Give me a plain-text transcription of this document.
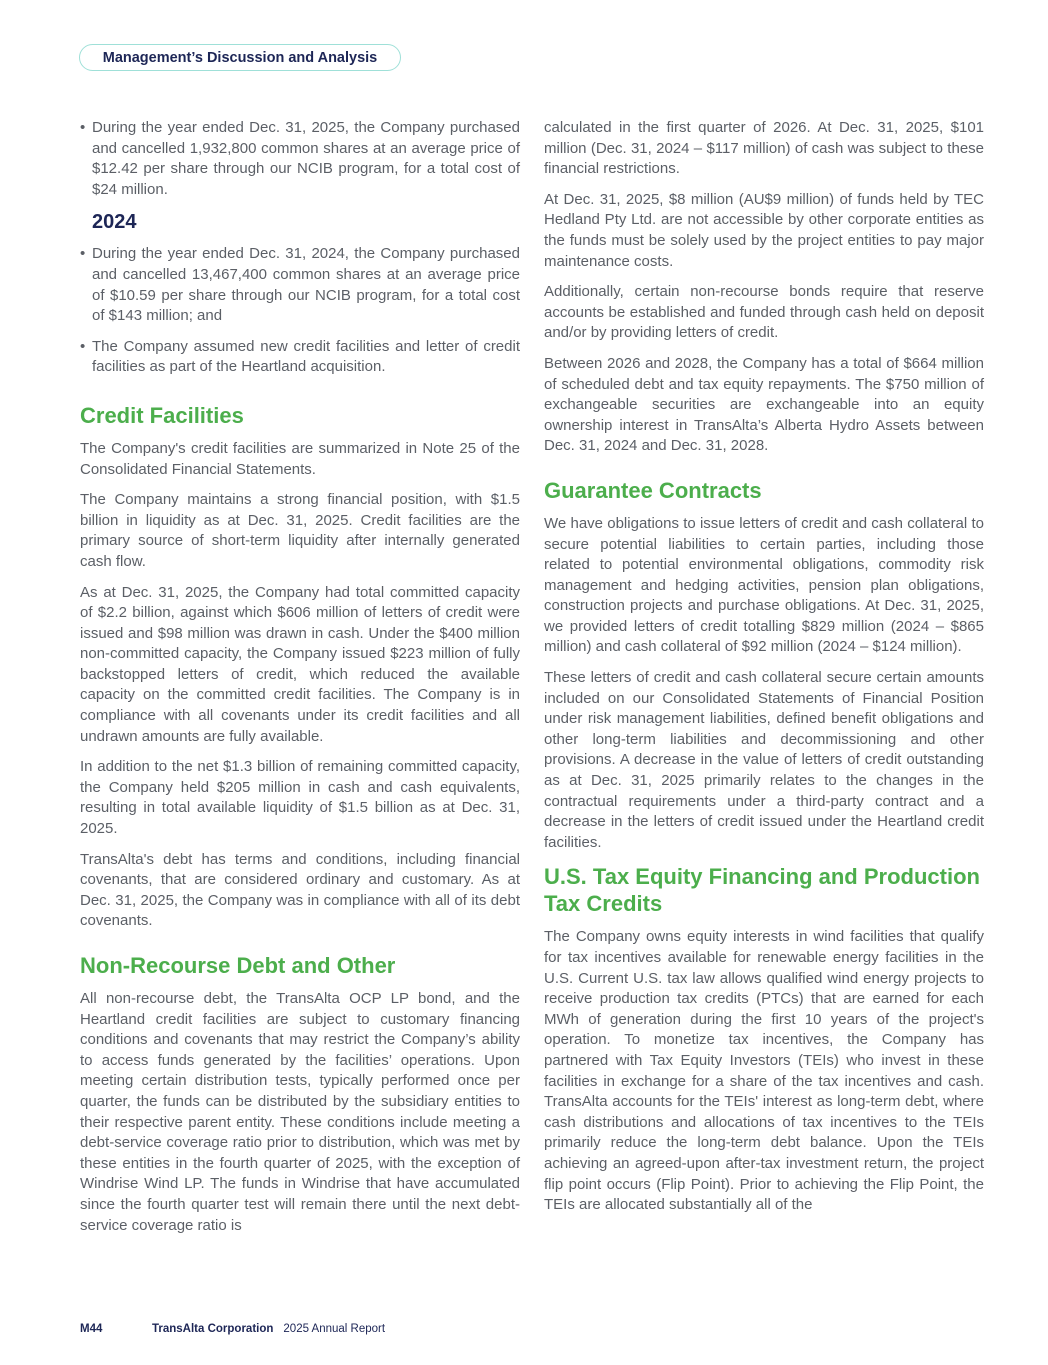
Management’s Discussion and Analysis

• During the year ended Dec. 31, 2025, the Company purchased and cancelled 1,932,800 common shares at an average price of $12.42 per share through our NCIB program, for a total cost of $24 million.

2024

• During the year ended Dec. 31, 2024, the Company purchased and cancelled 13,467,400 common shares at an average price of $10.59 per share through our NCIB program, for a total cost of $143 million; and

• The Company assumed new credit facilities and letter of credit facilities as part of the Heartland acquisition.

Credit Facilities

The Company's credit facilities are summarized in Note 25 of the Consolidated Financial Statements.

The Company maintains a strong financial position, with $1.5 billion in liquidity as at Dec. 31, 2025. Credit facilities are the primary source of short-term liquidity after internally generated cash flow.

As at Dec. 31, 2025, the Company had total committed capacity of $2.2 billion, against which $606 million of letters of credit were issued and $98 million was drawn in cash. Under the $400 million non-committed capacity, the Company issued $223 million of fully backstopped letters of credit, which reduced the available capacity on the committed credit facilities. The Company is in compliance with all covenants under its credit facilities and all undrawn amounts are fully available.

In addition to the net $1.3 billion of remaining committed capacity, the Company held $205 million in cash and cash equivalents, resulting in total available liquidity of $1.5 billion as at Dec. 31, 2025.

TransAlta's debt has terms and conditions, including financial covenants, that are considered ordinary and customary. As at Dec. 31, 2025, the Company was in compliance with all of its debt covenants.

Non-Recourse Debt and Other

All non-recourse debt, the TransAlta OCP LP bond, and the Heartland credit facilities are subject to customary financing conditions and covenants that may restrict the Company’s ability to access funds generated by the facilities’ operations. Upon meeting certain distribution tests, typically performed once per quarter, the funds can be distributed by the subsidiary entities to their respective parent entity. These conditions include meeting a debt-service coverage ratio prior to distribution, which was met by these entities in the fourth quarter of 2025, with the exception of Windrise Wind LP. The funds in Windrise that have accumulated since the fourth quarter test will remain there until the next debt-service coverage ratio is

calculated in the first quarter of 2026. At Dec. 31, 2025, $101 million (Dec. 31, 2024 – $117 million) of cash was subject to these financial restrictions.

At Dec. 31, 2025, $8 million (AU$9 million) of funds held by TEC Hedland Pty Ltd. are not accessible by other corporate entities as the funds must be solely used by the project entities to pay major maintenance costs.

Additionally, certain non-recourse bonds require that reserve accounts be established and funded through cash held on deposit and/or by providing letters of credit.

Between 2026 and 2028, the Company has a total of $664 million of scheduled debt and tax equity repayments. The $750 million of exchangeable securities are exchangeable into an equity ownership interest in TransAlta’s Alberta Hydro Assets between Dec. 31, 2024 and Dec. 31, 2028.

Guarantee Contracts

We have obligations to issue letters of credit and cash collateral to secure potential liabilities to certain parties, including those related to potential environmental obligations, commodity risk management and hedging activities, pension plan obligations, construction projects and purchase obligations. At Dec. 31, 2025, we provided letters of credit totalling $829 million (2024 – $865 million) and cash collateral of $92 million (2024 – $124 million).

These letters of credit and cash collateral secure certain amounts included on our Consolidated Statements of Financial Position under risk management liabilities, defined benefit obligations and other long-term liabilities and decommissioning and other provisions. A decrease in the value of letters of credit outstanding as at Dec. 31, 2025 primarily relates to the changes in the contractual requirements under a third-party contract and a decrease in the letters of credit issued under the Heartland credit facilities.

U.S. Tax Equity Financing and Production Tax Credits

The Company owns equity interests in wind facilities that qualify for tax incentives available for renewable energy facilities in the U.S. Current U.S. tax law allows qualified wind energy projects to receive production tax credits (PTCs) that are earned for each MWh of generation during the first 10 years of the project's operation. To monetize tax incentives, the Company has partnered with Tax Equity Investors (TEIs) who invest in these facilities in exchange for a share of the tax incentives and cash. TransAlta accounts for the TEIs' interest as long-term debt, where cash distributions and allocations of tax incentives to the TEIs primarily reduce the long-term debt balance. Upon the TEIs achieving an agreed-upon after-tax investment return, the project flip point occurs (Flip Point). Prior to achieving the Flip Point, the TEIs are allocated substantially all of the

M44	TransAlta Corporation 2025 Annual Report
